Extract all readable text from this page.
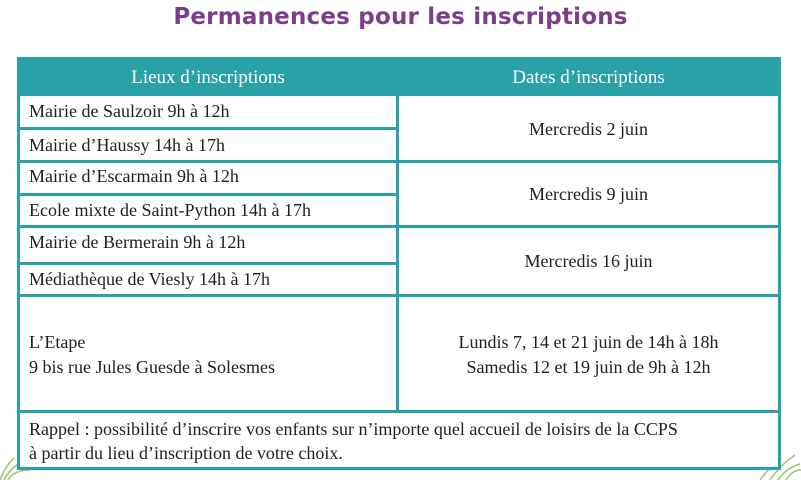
Permanences pour les inscriptions
Lieux d’inscriptions	Dates d’inscriptions
Mairie de Saulzoir 9h à 12h
Mairie d’Haussy 14h à 17h
Mercredis 2 juin
Mairie d’Escarmain 9h à 12h
Ecole mixte de Saint-Python 14h à 17h
Mercredis 9 juin
Mairie de Bermerain 9h à 12h
Médiathèque de Viesly 14h à 17h
Mercredis 16 juin
L’Etape
9 bis rue Jules Guesde à Solesmes
Lundis 7, 14 et 21 juin de 14h à 18h
Samedis 12 et 19 juin de 9h à 12h
Rappel : possibilité d’inscrire vos enfants sur n’importe quel accueil de loisirs de la CCPS
à partir du lieu d’inscription de votre choix.
